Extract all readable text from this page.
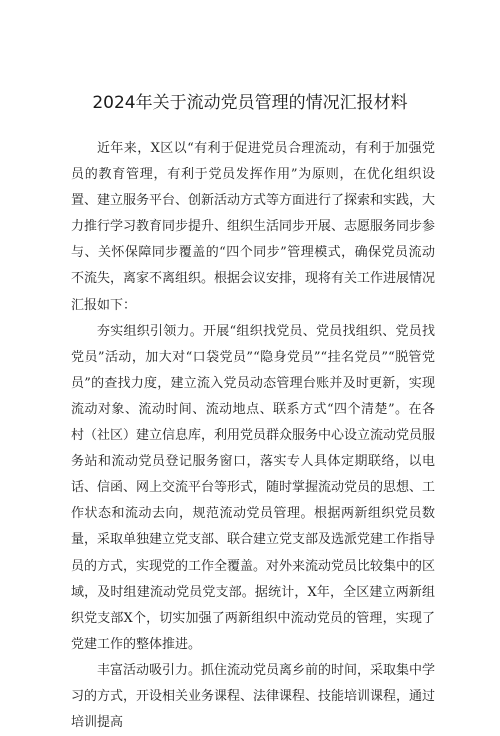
2024年关于流动党员管理的情况汇报材料

近年来，X区以“有利于促进党员合理流动，有利于加强党员的教育管理，有利于党员发挥作用”为原则，在优化组织设置、建立服务平台、创新活动方式等方面进行了探索和实践，大力推行学习教育同步提升、组织生活同步开展、志愿服务同步参与、关怀保障同步覆盖的“四个同步”管理模式，确保党员流动不流失，离家不离组织。根据会议安排，现将有关工作进展情况汇报如下：

夯实组织引领力。开展“组织找党员、党员找组织、党员找党员”活动，加大对“口袋党员”“隐身党员”“挂名党员”“脱管党员”的查找力度，建立流入党员动态管理台账并及时更新，实现流动对象、流动时间、流动地点、联系方式“四个清楚”。在各村（社区）建立信息库，利用党员群众服务中心设立流动党员服务站和流动党员登记服务窗口，落实专人具体定期联络，以电话、信函、网上交流平台等形式，随时掌握流动党员的思想、工作状态和流动去向，规范流动党员管理。根据两新组织党员数量，采取单独建立党支部、联合建立党支部及选派党建工作指导员的方式，实现党的工作全覆盖。对外来流动党员比较集中的区域，及时组建流动党员党支部。据统计，X年，全区建立两新组织党支部X个，切实加强了两新组织中流动党员的管理，实现了党建工作的整体推进。

丰富活动吸引力。抓住流动党员离乡前的时间，采取集中学习的方式，开设相关业务课程、法律课程、技能培训课程，通过培训提高
